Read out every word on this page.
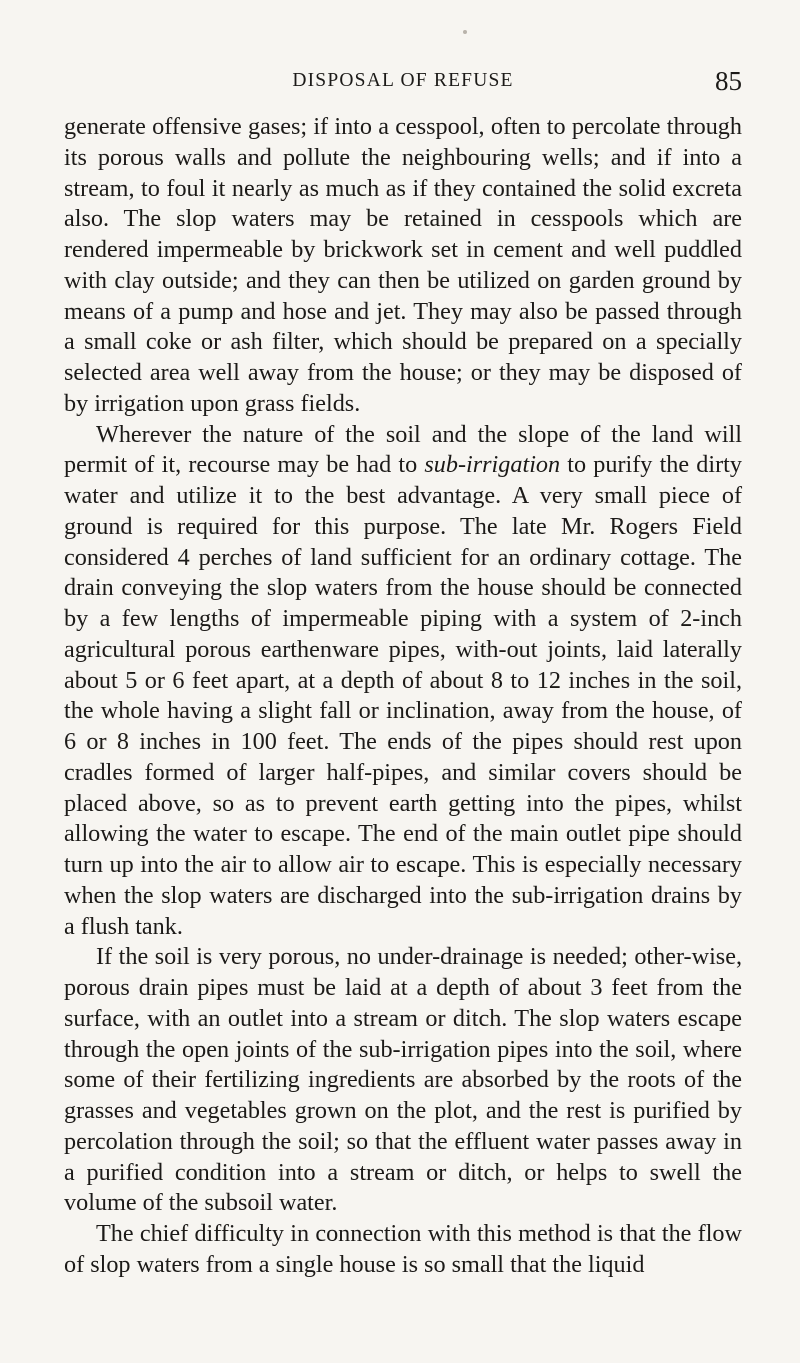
DISPOSAL OF REFUSE	85

generate offensive gases; if into a cesspool, often to percolate through its porous walls and pollute the neighbouring wells; and if into a stream, to foul it nearly as much as if they contained the solid excreta also. The slop waters may be retained in cesspools which are rendered impermeable by brickwork set in cement and well puddled with clay outside; and they can then be utilized on garden ground by means of a pump and hose and jet. They may also be passed through a small coke or ash filter, which should be prepared on a specially selected area well away from the house; or they may be disposed of by irrigation upon grass fields.

Wherever the nature of the soil and the slope of the land will permit of it, recourse may be had to sub-irrigation to purify the dirty water and utilize it to the best advantage. A very small piece of ground is required for this purpose. The late Mr. Rogers Field considered 4 perches of land sufficient for an ordinary cottage. The drain conveying the slop waters from the house should be connected by a few lengths of impermeable piping with a system of 2-inch agricultural porous earthenware pipes, with-out joints, laid laterally about 5 or 6 feet apart, at a depth of about 8 to 12 inches in the soil, the whole having a slight fall or inclination, away from the house, of 6 or 8 inches in 100 feet. The ends of the pipes should rest upon cradles formed of larger half-pipes, and similar covers should be placed above, so as to prevent earth getting into the pipes, whilst allowing the water to escape. The end of the main outlet pipe should turn up into the air to allow air to escape. This is especially necessary when the slop waters are discharged into the sub-irrigation drains by a flush tank.

If the soil is very porous, no under-drainage is needed; other-wise, porous drain pipes must be laid at a depth of about 3 feet from the surface, with an outlet into a stream or ditch. The slop waters escape through the open joints of the sub-irrigation pipes into the soil, where some of their fertilizing ingredients are absorbed by the roots of the grasses and vegetables grown on the plot, and the rest is purified by percolation through the soil; so that the effluent water passes away in a purified condition into a stream or ditch, or helps to swell the volume of the subsoil water.

The chief difficulty in connection with this method is that the flow of slop waters from a single house is so small that the liquid
